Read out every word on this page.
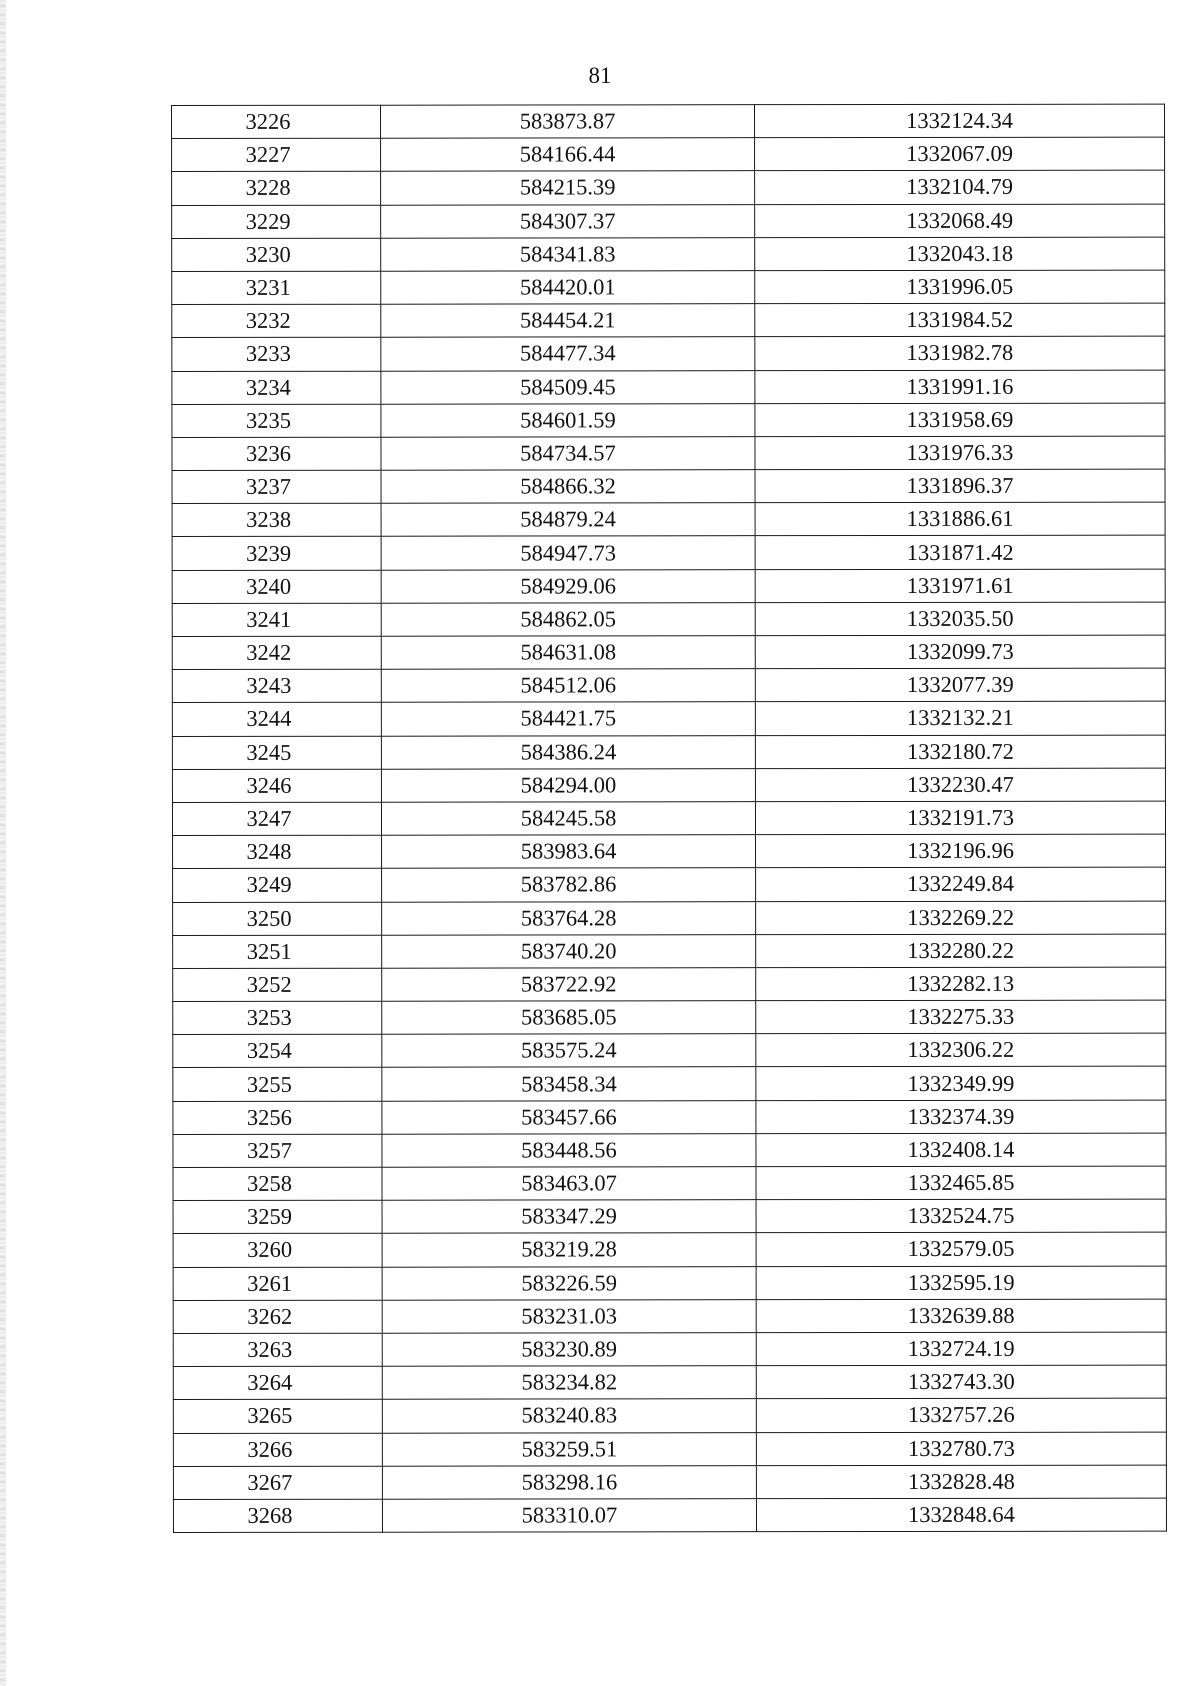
81
3226	583873.87	1332124.34
3227	584166.44	1332067.09
3228	584215.39	1332104.79
3229	584307.37	1332068.49
3230	584341.83	1332043.18
3231	584420.01	1331996.05
3232	584454.21	1331984.52
3233	584477.34	1331982.78
3234	584509.45	1331991.16
3235	584601.59	1331958.69
3236	584734.57	1331976.33
3237	584866.32	1331896.37
3238	584879.24	1331886.61
3239	584947.73	1331871.42
3240	584929.06	1331971.61
3241	584862.05	1332035.50
3242	584631.08	1332099.73
3243	584512.06	1332077.39
3244	584421.75	1332132.21
3245	584386.24	1332180.72
3246	584294.00	1332230.47
3247	584245.58	1332191.73
3248	583983.64	1332196.96
3249	583782.86	1332249.84
3250	583764.28	1332269.22
3251	583740.20	1332280.22
3252	583722.92	1332282.13
3253	583685.05	1332275.33
3254	583575.24	1332306.22
3255	583458.34	1332349.99
3256	583457.66	1332374.39
3257	583448.56	1332408.14
3258	583463.07	1332465.85
3259	583347.29	1332524.75
3260	583219.28	1332579.05
3261	583226.59	1332595.19
3262	583231.03	1332639.88
3263	583230.89	1332724.19
3264	583234.82	1332743.30
3265	583240.83	1332757.26
3266	583259.51	1332780.73
3267	583298.16	1332828.48
3268	583310.07	1332848.64
